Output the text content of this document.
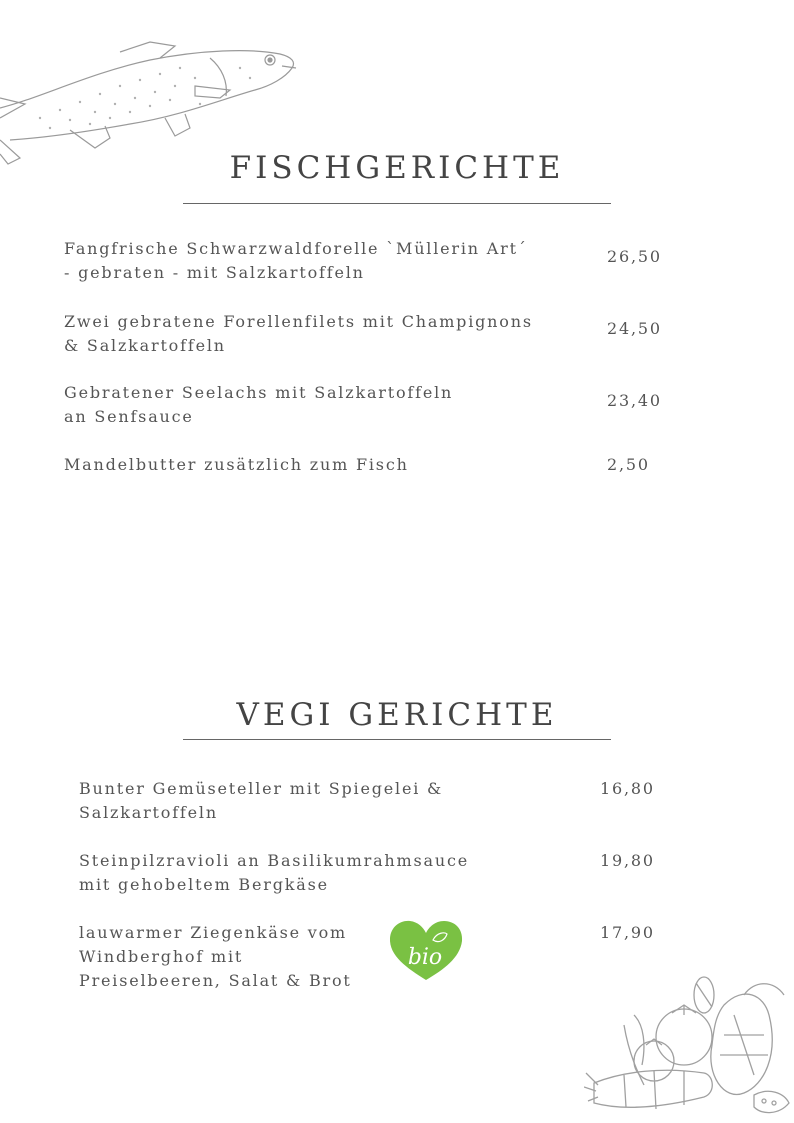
FISCHGERICHTE
Fangfrische Schwarzwaldforelle `Müllerin Art´
- gebraten - mit Salzkartoffeln
26,50
Zwei gebratene Forellenfilets mit Champignons
& Salzkartoffeln
24,50
Gebratener Seelachs mit Salzkartoffeln
an Senfsauce
23,40
Mandelbutter zusätzlich zum Fisch	2,50
VEGI GERICHTE
Bunter Gemüseteller mit Spiegelei &
Salzkartoffeln
16,80
Steinpilzravioli an Basilikumrahmsauce
mit gehobeltem Bergkäse
19,80
lauwarmer Ziegenkäse vom
Windberghof mit
Preiselbeeren, Salat & Brot
17,90
bio
